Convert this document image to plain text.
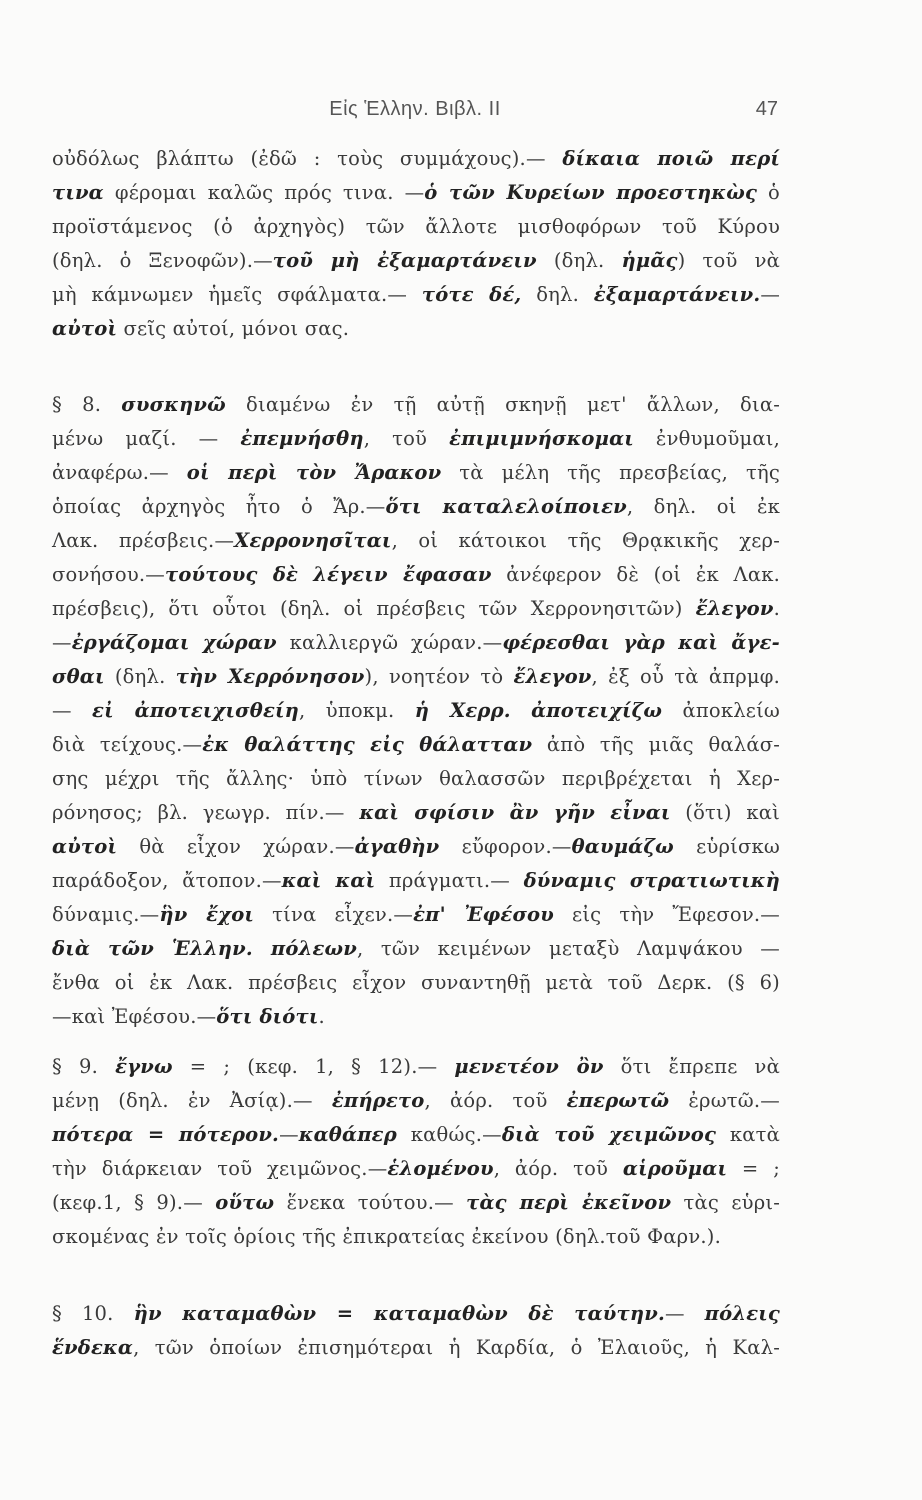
Εἰς Ἑλλην. Βιβλ. ΙΙ	47
οὐδόλως βλάπτω (ἐδῶ : τοὺς συμμάχους).— δίκαια ποιῶ περί
τινα φέρομαι καλῶς πρός τινα. —ὁ τῶν Κυρείων προεστηκὼς ὁ
προϊστάμενος (ὁ ἀρχηγὸς) τῶν ἄλλοτε μισθοφόρων τοῦ Κύρου
(δηλ. ὁ Ξενοφῶν).—τοῦ μὴ ἐξαμαρτάνειν (δηλ. ἡμᾶς) τοῦ νὰ
μὴ κάμνωμεν ἡμεῖς σφάλματα.— τότε δέ, δηλ. ἐξαμαρτάνειν.—
αὐτοὶ σεῖς αὐτοί, μόνοι σας.
§ 8. συσκηνῶ διαμένω ἐν τῇ αὐτῇ σκηνῇ μετ' ἄλλων, δια-
μένω μαζί. — ἐπεμνήσθη, τοῦ ἐπιμιμνήσκομαι ἐνθυμοῦμαι,
ἀναφέρω.— οἱ περὶ τὸν Ἄρακον τὰ μέλη τῆς πρεσβείας, τῆς
ὁποίας ἀρχηγὸς ἦτο ὁ Ἄρ.—ὅτι καταλελοίποιεν, δηλ. οἱ ἐκ
Λακ. πρέσβεις.—Χερρονησῖται, οἱ κάτοικοι τῆς Θρᾳκικῆς χερ-
σονήσου.—τούτους δὲ λέγειν ἔφασαν ἀνέφερον δὲ (οἱ ἐκ Λακ.
πρέσβεις), ὅτι οὗτοι (δηλ. οἱ πρέσβεις τῶν Χερρονησιτῶν) ἔλεγον.
—ἐργάζομαι χώραν καλλιεργῶ χώραν.—φέρεσθαι γὰρ καὶ ἄγε-
σθαι (δηλ. τὴν Χερρόνησον), νοητέον τὸ ἔλεγον, ἐξ οὗ τὰ ἀπρμφ.
— εἰ ἀποτειχισθείη, ὑποκμ. ἡ Χερρ. ἀποτειχίζω ἀποκλείω
διὰ τείχους.—ἐκ θαλάττης εἰς θάλατταν ἀπὸ τῆς μιᾶς θαλάσ-
σης μέχρι τῆς ἄλλης· ὑπὸ τίνων θαλασσῶν περιβρέχεται ἡ Χερ-
ρόνησος; βλ. γεωγρ. πίν.— καὶ σφίσιν ἂν γῆν εἶναι (ὅτι) καὶ
αὐτοὶ θὰ εἶχον χώραν.—ἀγαθὴν εὔφορον.—θαυμάζω εὑρίσκω
παράδοξον, ἄτοπον.—καὶ καὶ πράγματι.— δύναμις στρατιωτικὴ
δύναμις.—ἣν ἔχοι τίνα εἶχεν.—ἐπ' Ἐφέσου εἰς τὴν Ἔφεσον.—
διὰ τῶν Ἑλλην. πόλεων, τῶν κειμένων μεταξὺ Λαμψάκου —
ἔνθα οἱ ἐκ Λακ. πρέσβεις εἶχον συναντηθῇ μετὰ τοῦ Δερκ. (§ 6)
—καὶ Ἐφέσου.—ὅτι διότι.
§ 9. ἔγνω = ; (κεφ. 1, § 12).— μενετέον ὂν ὅτι ἔπρεπε νὰ
μένῃ (δηλ. ἐν Ἀσίᾳ).— ἐπήρετο, ἀόρ. τοῦ ἐπερωτῶ ἐρωτῶ.—
πότερα = πότερον.—καθάπερ καθώς.—διὰ τοῦ χειμῶνος κατὰ
τὴν διάρκειαν τοῦ χειμῶνος.—ἑλομένου, ἀόρ. τοῦ αἱροῦμαι = ;
(κεφ.1, § 9).— οὕτω ἕνεκα τούτου.— τὰς περὶ ἐκεῖνον τὰς εὑρι-
σκομένας ἐν τοῖς ὁρίοις τῆς ἐπικρατείας ἐκείνου (δηλ.τοῦ Φαρν.).
§ 10. ἣν καταμαθὼν = καταμαθὼν δὲ ταύτην.— πόλεις
ἕνδεκα, τῶν ὁποίων ἐπισημότεραι ἡ Καρδία, ὁ Ἐλαιοῦς, ἡ Καλ-
